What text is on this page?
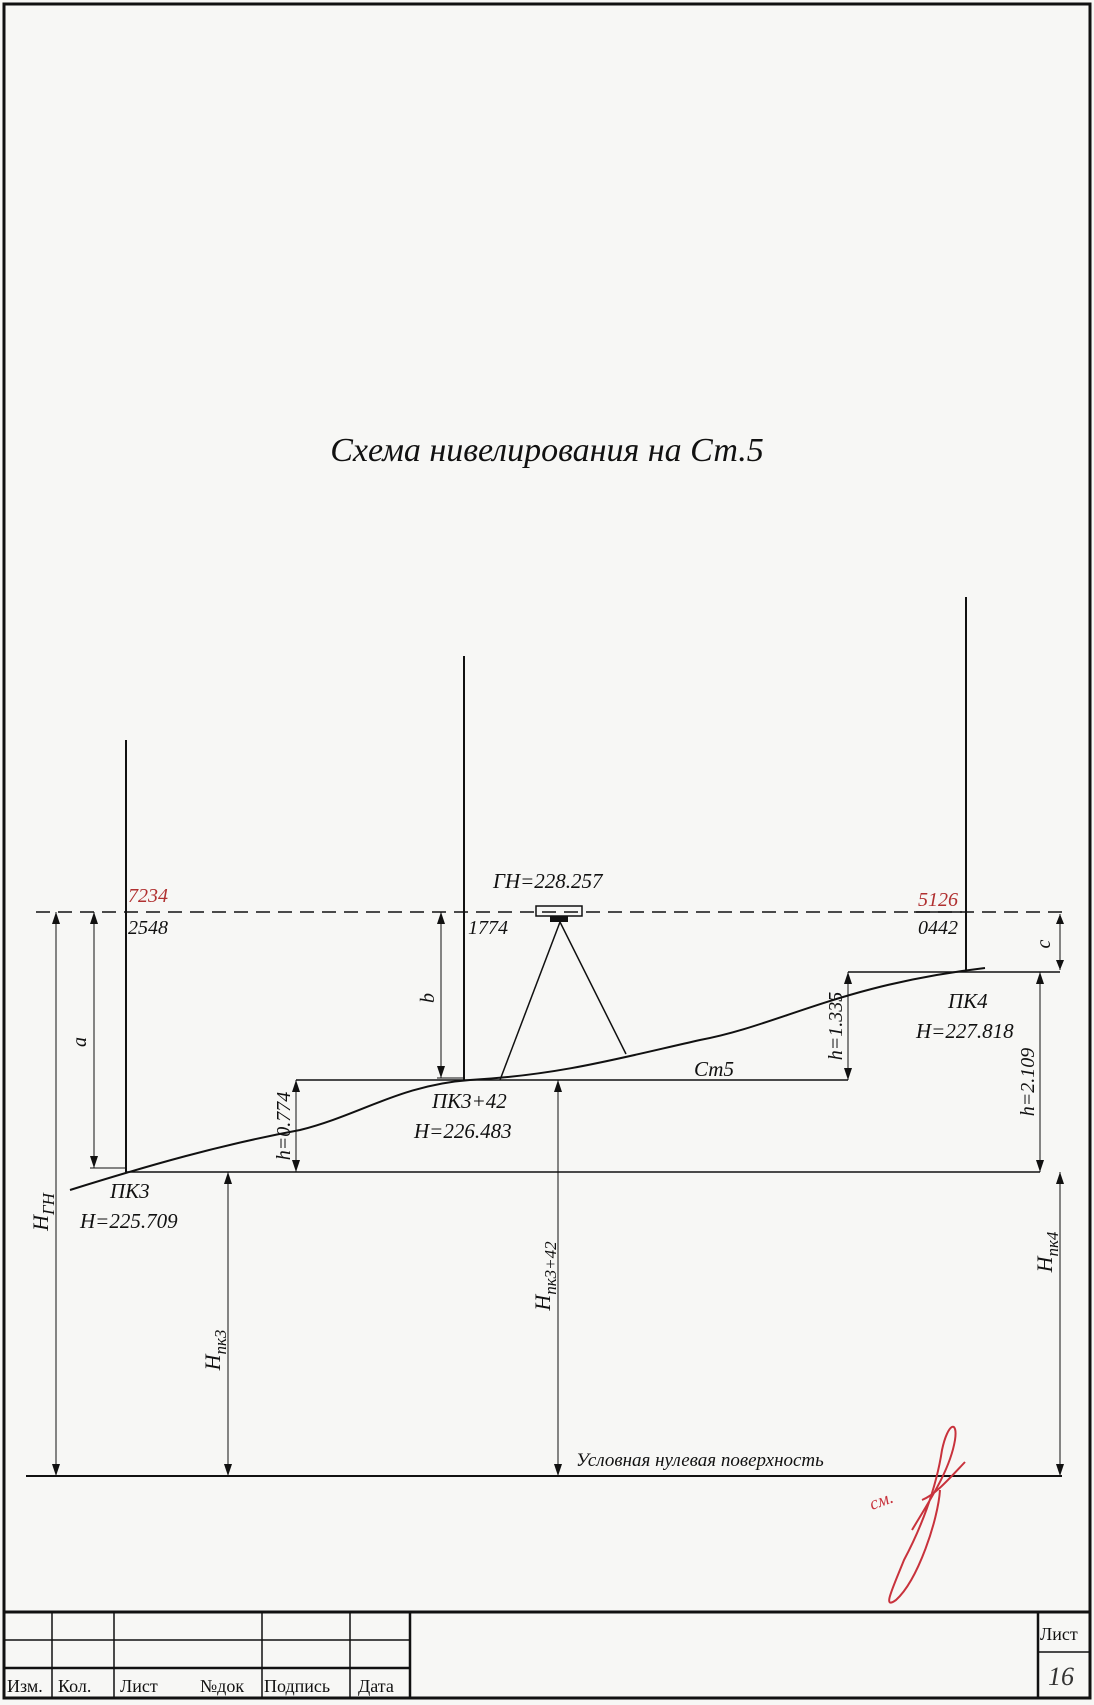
a
b
c
h=0.774
h=1.335
h=2.109
$H_{ГН}$
$H_{пк3}$
$H_{пк3+42}$	$H_{пк4}$
7234
2548	1774
5126
0442
ГН=228.257
Ст5
ПК3
H=225.709
ПК3+42
H=226.483
ПК4
H=227.818
Условная нулевая поверхность
см.
Схема нивелирования на Ст.5
Изм. Кол. Лист №док Подпись Дата
Лист
16
